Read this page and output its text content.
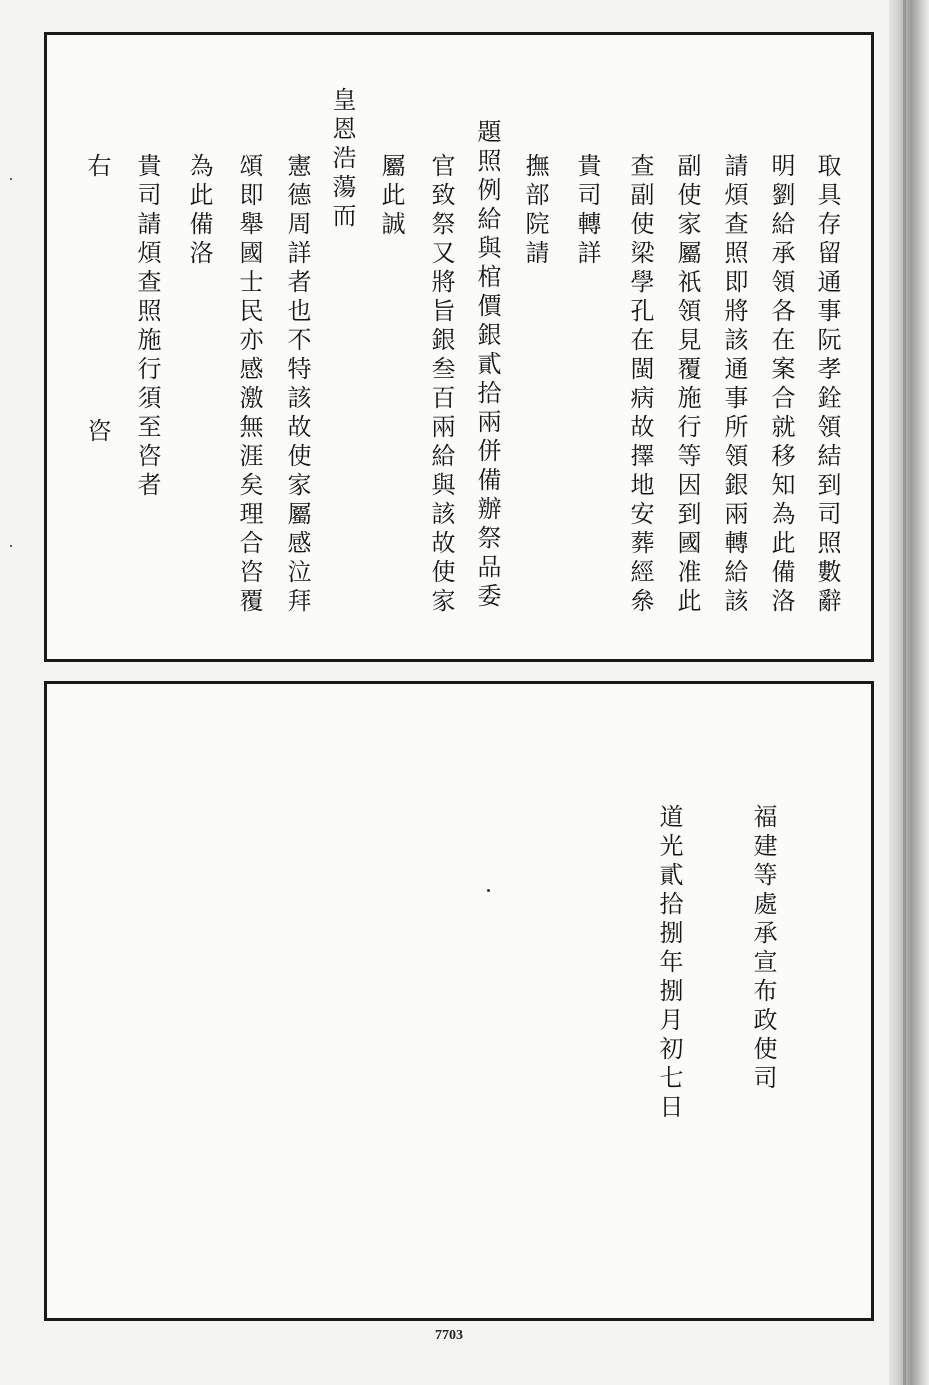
取具存留通事阮孝銓領結到司照數辭
明劉給承領各在案合就移知為此備洛
請煩查照即將該通事所領銀兩轉給該
副使家屬祇領見覆施行等因到國准此
查副使梁學孔在閩病故擇地安葬經㕘
貴司轉詳
撫部院請
題照例給與棺價銀貳拾兩併備辦祭品委
官致祭又將旨銀叁百兩給與該故使家
屬此誠
皇恩浩蕩而
憲德周詳者也不特該故使家屬感泣拜
頌即舉國士民亦感激無涯矣理合咨覆
為此備洛
貴司請煩查照施行須至咨者
右
咨
福建等處承宣布政使司
道光貳拾捌年捌月初七日
7703
